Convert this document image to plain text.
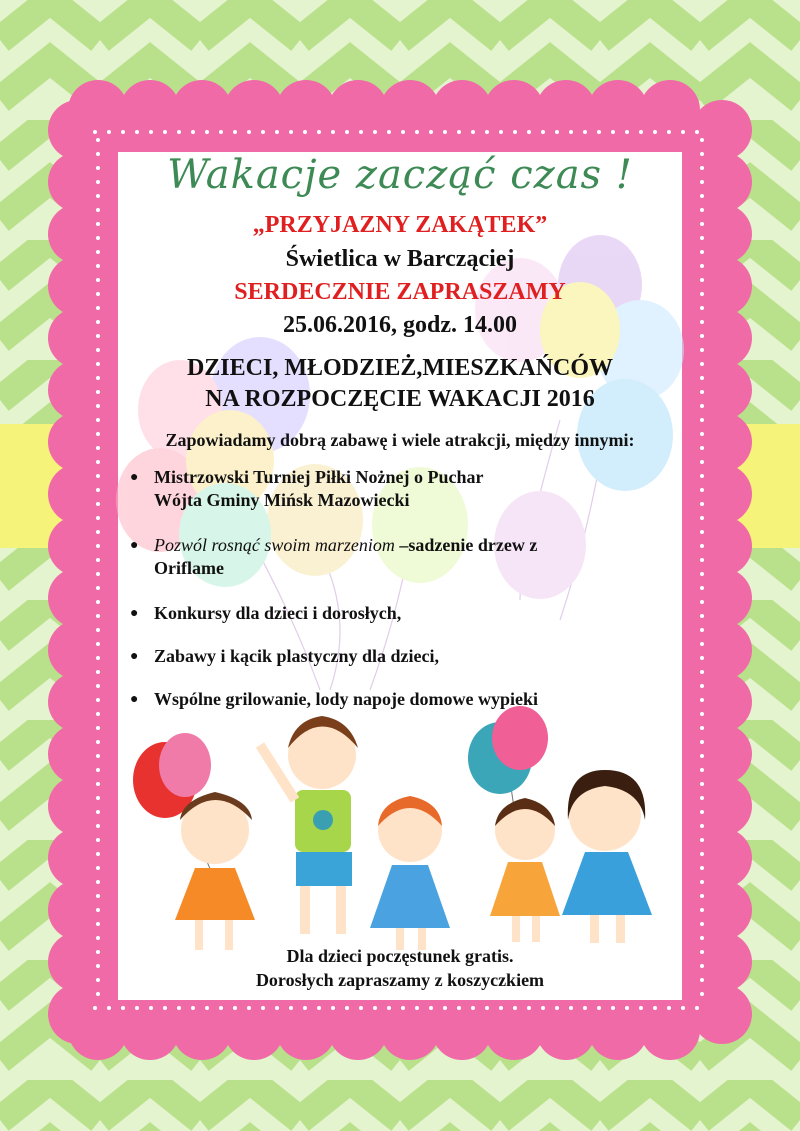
Wakacje zacząć czas !
„PRZYJAZNY ZAKĄTEK”
Świetlica w Barcząciej
SERDECZNIE ZAPRASZAMY
25.06.2016, godz. 14.00
DZIECI, MŁODZIEŻ,MIESZKAŃCÓW
NA ROZPOCZĘCIE WAKACJI 2016
Zapowiadamy dobrą zabawę i wiele atrakcji, między innymi:
● Mistrzowski Turniej Piłki Nożnej o Puchar
Wójta Gminy Mińsk Mazowiecki
● Pozwól rosnąć swoim marzeniom –sadzenie drzew z
Oriflame
● Konkursy dla dzieci i dorosłych,
● Zabawy i kącik plastyczny dla dzieci,
● Wspólne grilowanie, lody napoje domowe wypieki
Dla dzieci poczęstunek gratis.
Dorosłych zapraszamy z koszyczkiem
